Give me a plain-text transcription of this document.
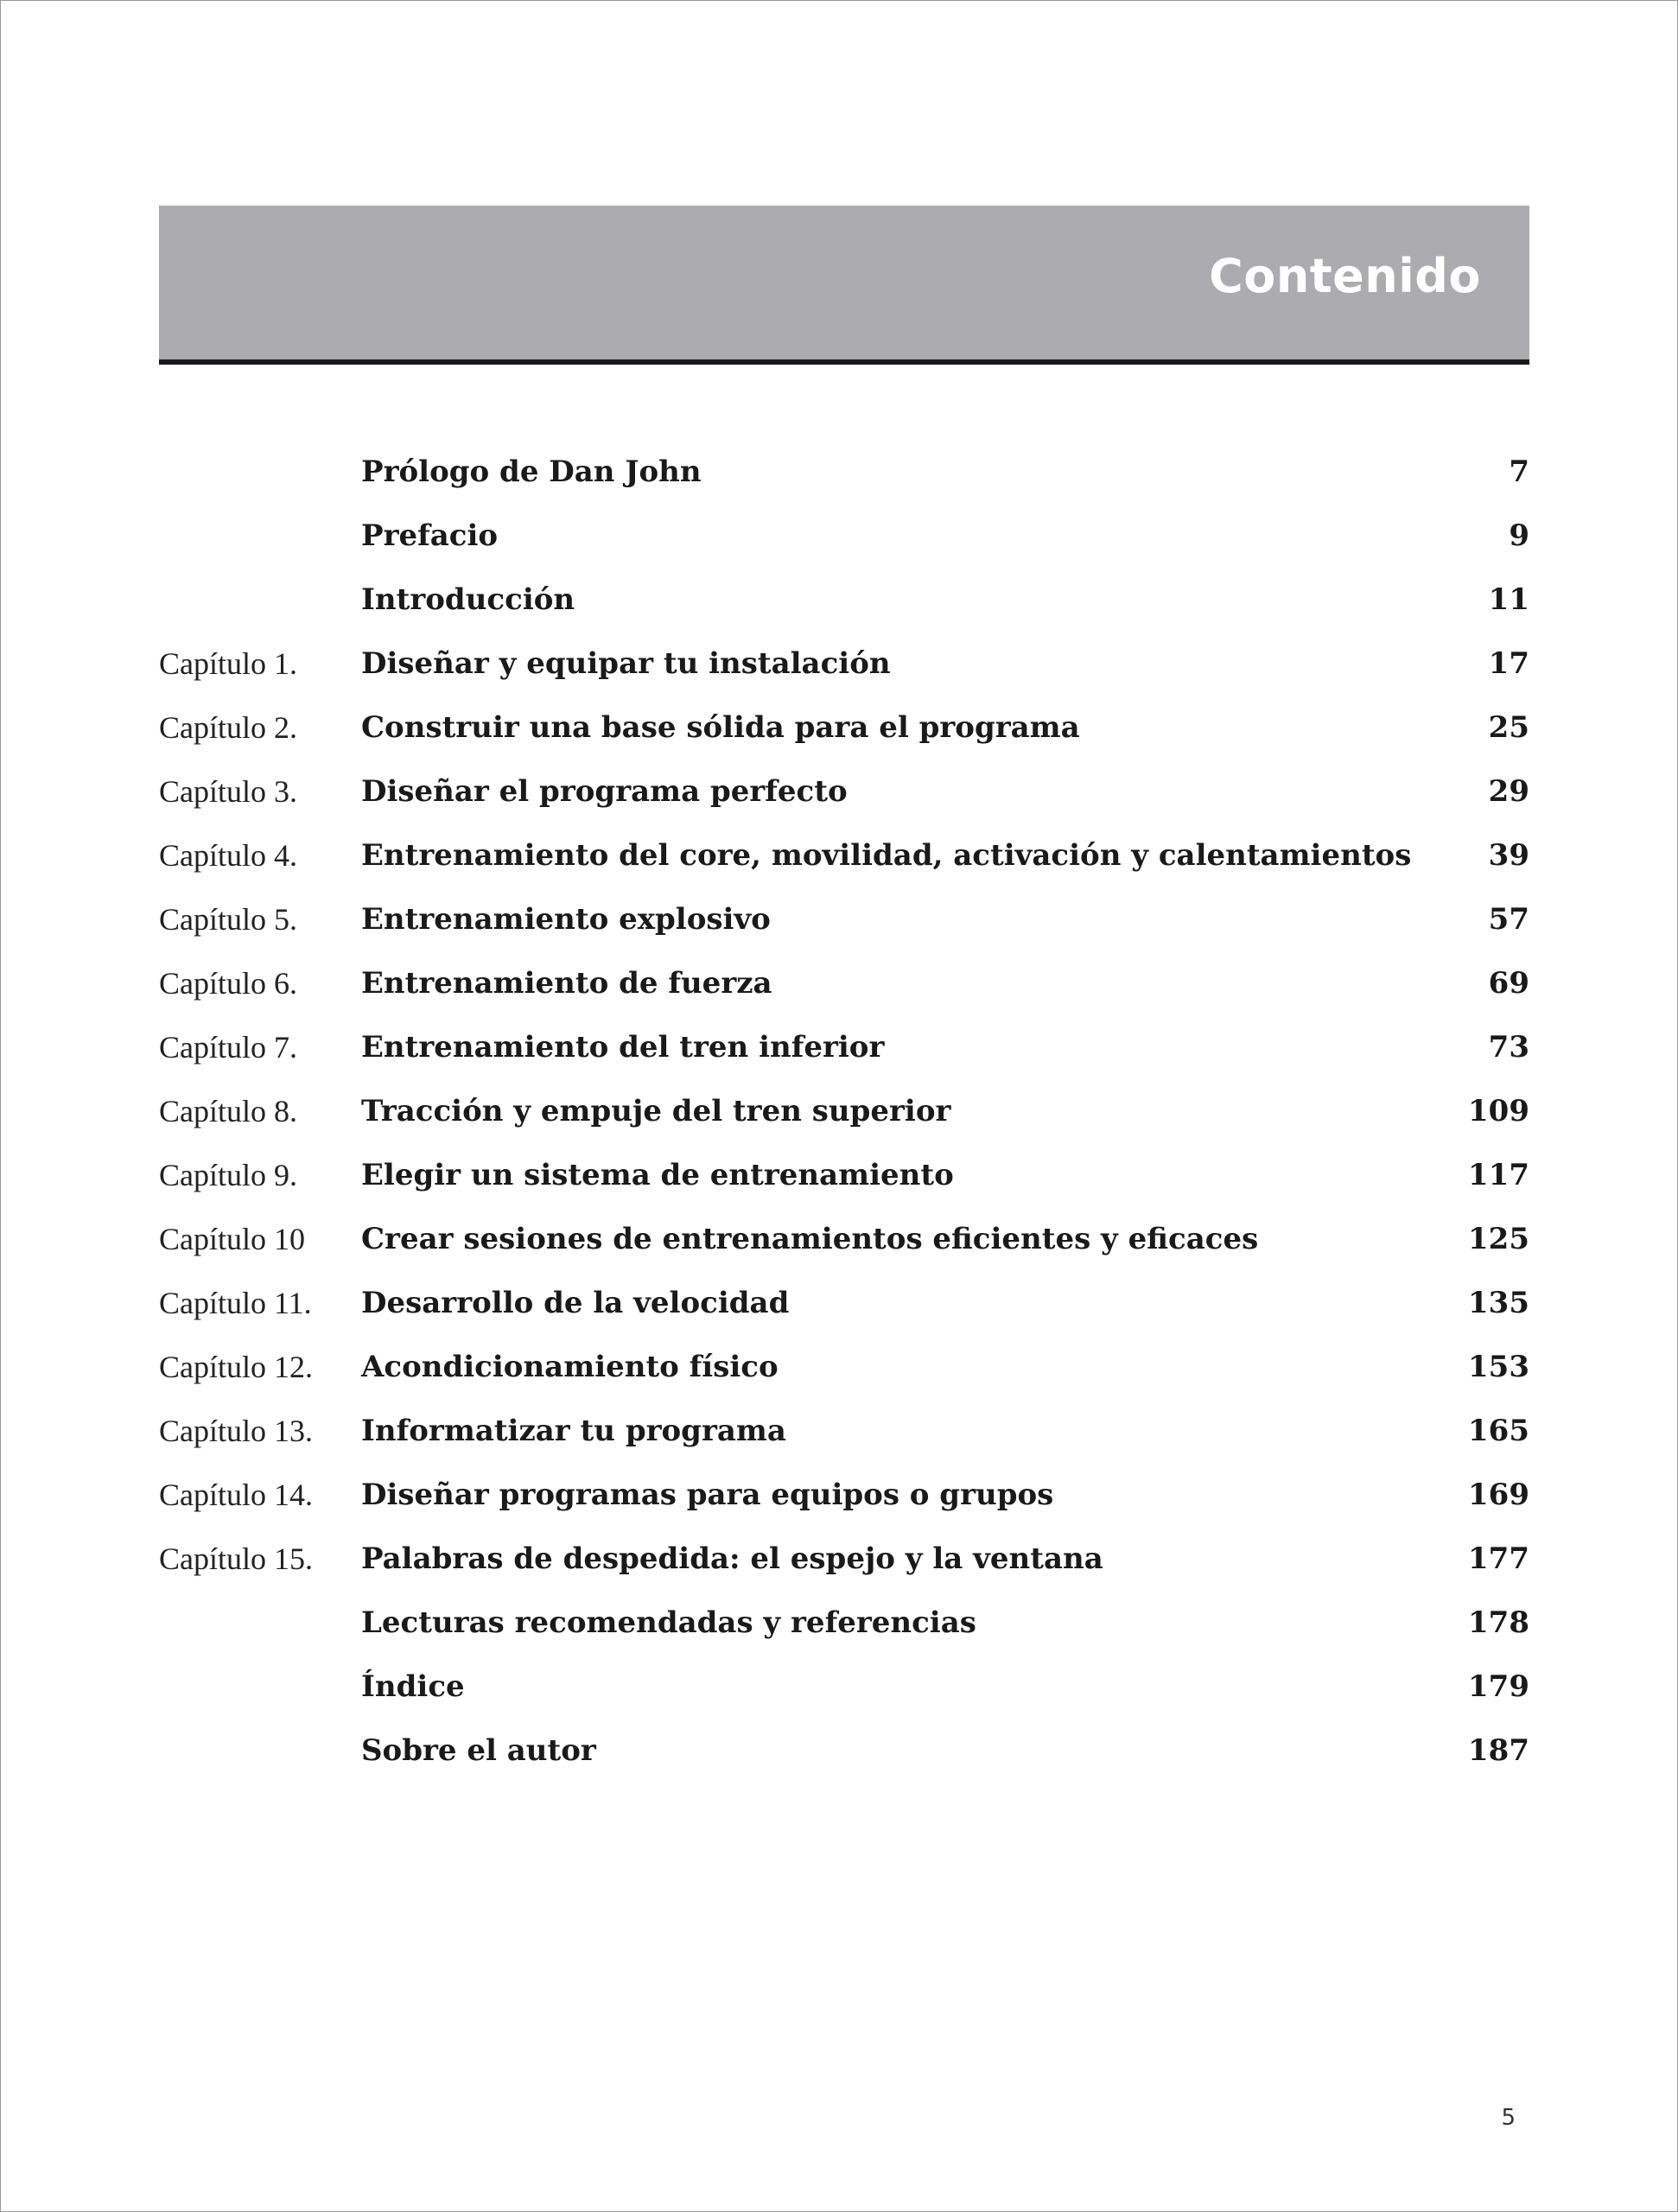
Contenido
Prólogo de Dan John	7
Prefacio	9
Introducción	11
Capítulo 1. Diseñar y equipar tu instalación	17
Capítulo 2. Construir una base sólida para el programa	25
Capítulo 3. Diseñar el programa perfecto	29
Capítulo 4. Entrenamiento del core, movilidad, activación y calentamientos	39
Capítulo 5. Entrenamiento explosivo	57
Capítulo 6. Entrenamiento de fuerza	69
Capítulo 7. Entrenamiento del tren inferior	73
Capítulo 8. Tracción y empuje del tren superior	109
Capítulo 9. Elegir un sistema de entrenamiento	117
Capítulo 10 Crear sesiones de entrenamientos eficientes y eficaces	125
Capítulo 11. Desarrollo de la velocidad	135
Capítulo 12. Acondicionamiento físico	153
Capítulo 13. Informatizar tu programa	165
Capítulo 14. Diseñar programas para equipos o grupos	169
Capítulo 15. Palabras de despedida: el espejo y la ventana	177
Lecturas recomendadas y referencias	178
Índice	179
Sobre el autor	187
5
